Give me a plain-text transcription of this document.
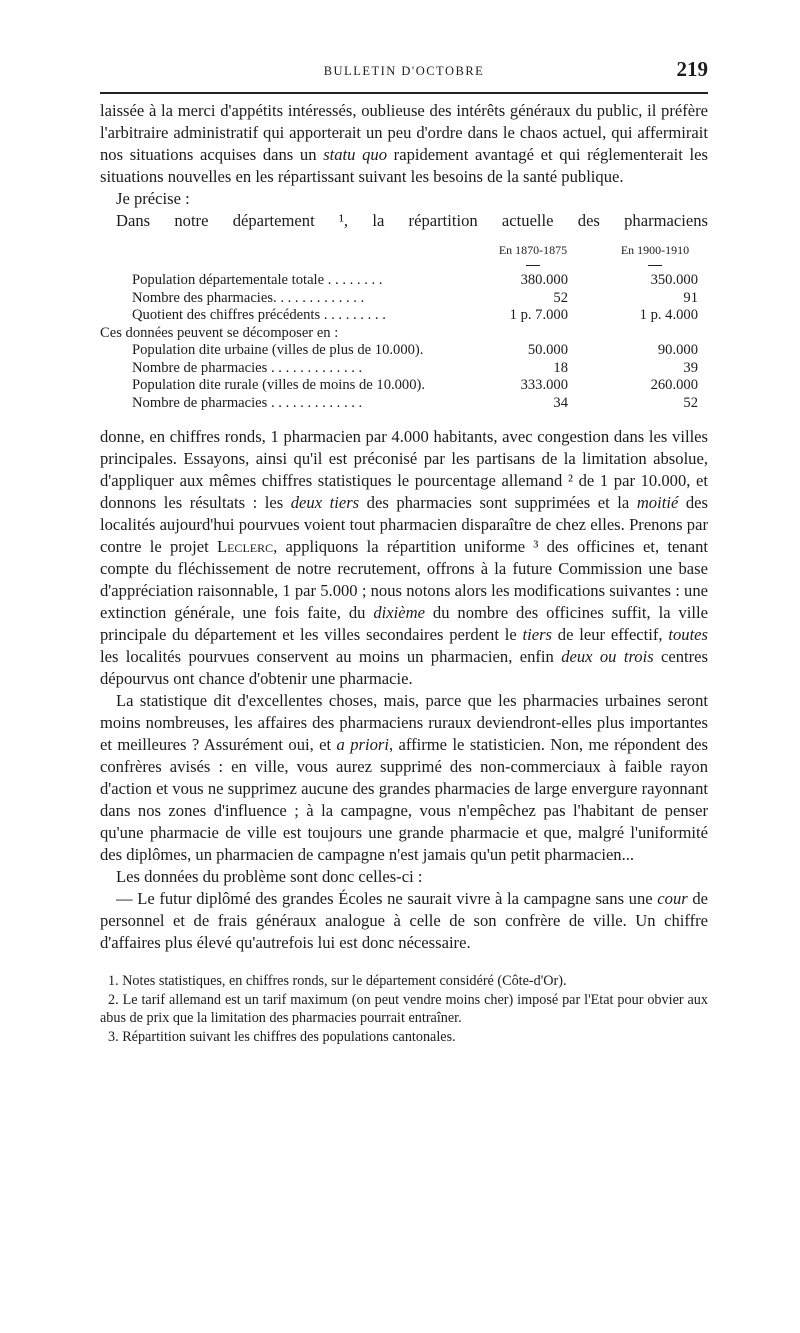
BULLETIN D'OCTOBRE	219

laissée à la merci d'appétits intéressés, oublieuse des intérêts généraux du public, il préfère l'arbitraire administratif qui apporterait un peu d'ordre dans le chaos actuel, qui affermirait nos situations acquises dans un statu quo rapidement avantagé et qui réglementerait les situations nouvelles en les répartissant suivant les besoins de la santé publique.

Je précise :

Dans notre département ¹, la répartition actuelle des pharmaciens

En 1870-1875	En 1900-1910
Population départementale totale . . . . . . . .	380.000	350.000
Nombre des pharmacies. . . . . . . . . . . . .	52	91
Quotient des chiffres précédents . . . . . . . . .	1 p. 7.000	1 p. 4.000
Ces données peuvent se décomposer en :
Population dite urbaine (villes de plus de 10.000).	50.000	90.000
Nombre de pharmacies . . . . . . . . . . . . .	18	39
Population dite rurale (villes de moins de 10.000).	333.000	260.000
Nombre de pharmacies . . . . . . . . . . . . .	34	52

donne, en chiffres ronds, 1 pharmacien par 4.000 habitants, avec congestion dans les villes principales. Essayons, ainsi qu'il est préconisé par les partisans de la limitation absolue, d'appliquer aux mêmes chiffres statistiques le pourcentage allemand ² de 1 par 10.000, et donnons les résultats : les deux tiers des pharmacies sont supprimées et la moitié des localités aujourd'hui pourvues voient tout pharmacien disparaître de chez elles. Prenons par contre le projet Leclerc, appliquons la répartition uniforme ³ des officines et, tenant compte du fléchissement de notre recrutement, offrons à la future Commission une base d'appréciation raisonnable, 1 par 5.000 ; nous notons alors les modifications suivantes : une extinction générale, une fois faite, du dixième du nombre des officines suffit, la ville principale du département et les villes secondaires perdent le tiers de leur effectif, toutes les localités pourvues conservent au moins un pharmacien, enfin deux ou trois centres dépourvus ont chance d'obtenir une pharmacie.

La statistique dit d'excellentes choses, mais, parce que les pharmacies urbaines seront moins nombreuses, les affaires des pharmaciens ruraux deviendront-elles plus importantes et meilleures ? Assurément oui, et a priori, affirme le statisticien. Non, me répondent des confrères avisés : en ville, vous aurez supprimé des non-commerciaux à faible rayon d'action et vous ne supprimez aucune des grandes pharmacies de large envergure rayonnant dans nos zones d'influence ; à la campagne, vous n'empêchez pas l'habitant de penser qu'une pharmacie de ville est toujours une grande pharmacie et que, malgré l'uniformité des diplômes, un pharmacien de campagne n'est jamais qu'un petit pharmacien...

Les données du problème sont donc celles-ci :

— Le futur diplômé des grandes Écoles ne saurait vivre à la campagne sans une cour de personnel et de frais généraux analogue à celle de son confrère de ville. Un chiffre d'affaires plus élevé qu'autrefois lui est donc nécessaire.

1. Notes statistiques, en chiffres ronds, sur le département considéré (Côte-d'Or).

2. Le tarif allemand est un tarif maximum (on peut vendre moins cher) imposé par l'Etat pour obvier aux abus de prix que la limitation des pharmacies pourrait entraîner.

3. Répartition suivant les chiffres des populations cantonales.
